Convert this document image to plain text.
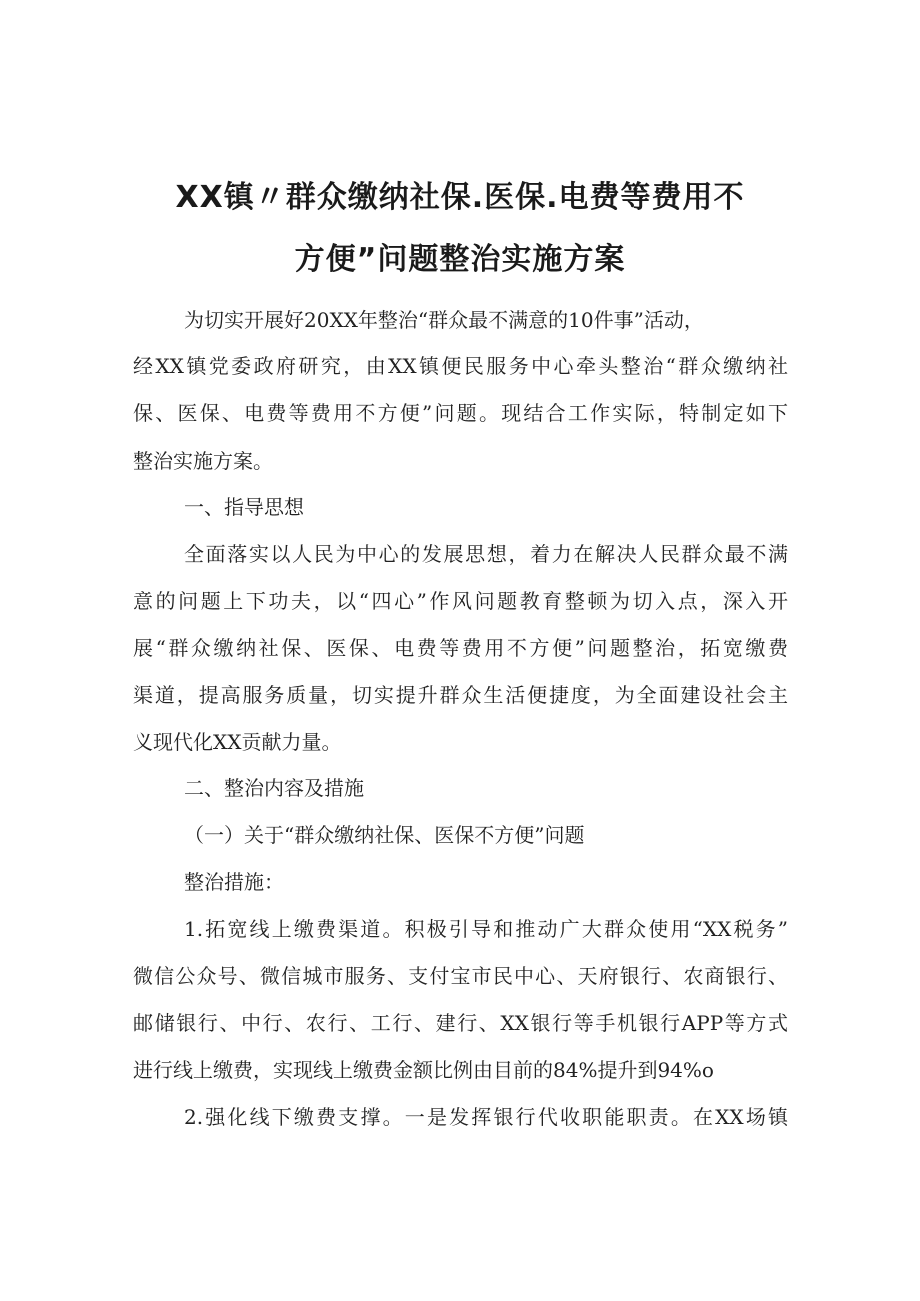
XX镇〃群众缴纳社保.医保.电费等费用不
方便”问题整治实施方案
为切实开展好20XX年整治“群众最不满意的10件事”活动，
经XX镇党委政府研究，由XX镇便民服务中心牵头整治“群众缴纳社
保、医保、电费等费用不方便”问题。现结合工作实际，特制定如下
整治实施方案。
一、指导思想
全面落实以人民为中心的发展思想，着力在解决人民群众最不满
意的问题上下功夫，以“四心”作风问题教育整顿为切入点，深入开
展“群众缴纳社保、医保、电费等费用不方便”问题整治，拓宽缴费
渠道，提高服务质量，切实提升群众生活便捷度，为全面建设社会主
义现代化XX贡献力量。
二、整治内容及措施
（一）关于“群众缴纳社保、医保不方便”问题
整治措施：
1.拓宽线上缴费渠道。积极引导和推动广大群众使用“XX税务”
微信公众号、微信城市服务、支付宝市民中心、天府银行、农商银行、
邮储银行、中行、农行、工行、建行、XX银行等手机银行APP等方式
进行线上缴费，实现线上缴费金额比例由目前的84%提升到94%o
2.强化线下缴费支撑。一是发挥银行代收职能职责。在XX场镇
